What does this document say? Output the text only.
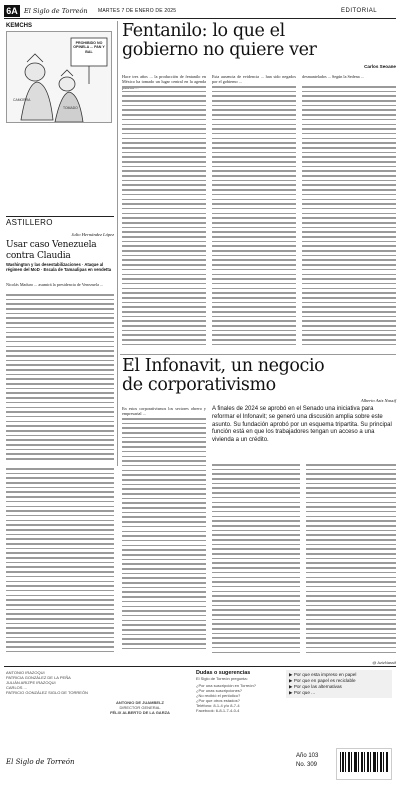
6A El Siglo de Torreón MARTES 7 DE ENERO DE 2025	EDITORIAL
KEMCHS
PROHIBIDO NO OPINELA ... PAN Y BAL
CAMORRA
TOMADO
Fentanilo: lo que el
gobierno no quiere ver
Carlos Seoane
Hace tres años ... la producción de fentanilo en México ha tomado un lugar central en la agenda
Esta ausencia de evidencia ... han sido negados por el gobierno ...
desmantelados ... Según la Sedena ...
ASTILLERO
Julio Hernández López
Usar caso Venezuela contra Claudia
Washington y las desestabilizaciones · Ataque al régimen del MoD · Escala de Tamaulipas en vendetta
Nicolás Maduro ... asumirá la presidencia de Venezuela ...
El Infonavit, un negocio
de corporativismo
Alberto Aziz Nassif
En estos corporativismos los sectores obrero y empresarial ...
A finales de 2024 se aprobó en el Senado una iniciativa para reformar el Infonavit; se generó una discusión amplia sobre este asunto. Su fundación aprobó por un esquema tripartita. Su principal función está en que los trabajadores tengan un acceso a una vivienda a un crédito.
@ AzizNassif
ANTONIO IRAZOQUI
PATRICIA GONZÁLEZ DE LA PEÑA
JULIÁN ARIZPE IRAZOQUI
CARLOS ...
PATRICIO GONZÁLEZ SIGLO DE TORREÓN
El Siglo de Torreón
ANTONIO DE JUAMBELZ
DIRECTOR GENERAL
FÉLIX ALBERTO DE LA GARZA
Dudas o sugerencias
El Siglo de Torreón pregunta:
¿Por una suscripción en Torreón?
¿Por unas suscripciones?
¿No recibió el periódico?
¿Por que otros estados?
Teléfono: 8-1-4 y/o 8-7-4
Facebook: 6-8-1-7-4-0-4
▶ Por que esta impreso en papel
▶ Por que en papel es reciclable
▶ Por que las alternativas
▶ Por que ...
Año 103
No. 309
